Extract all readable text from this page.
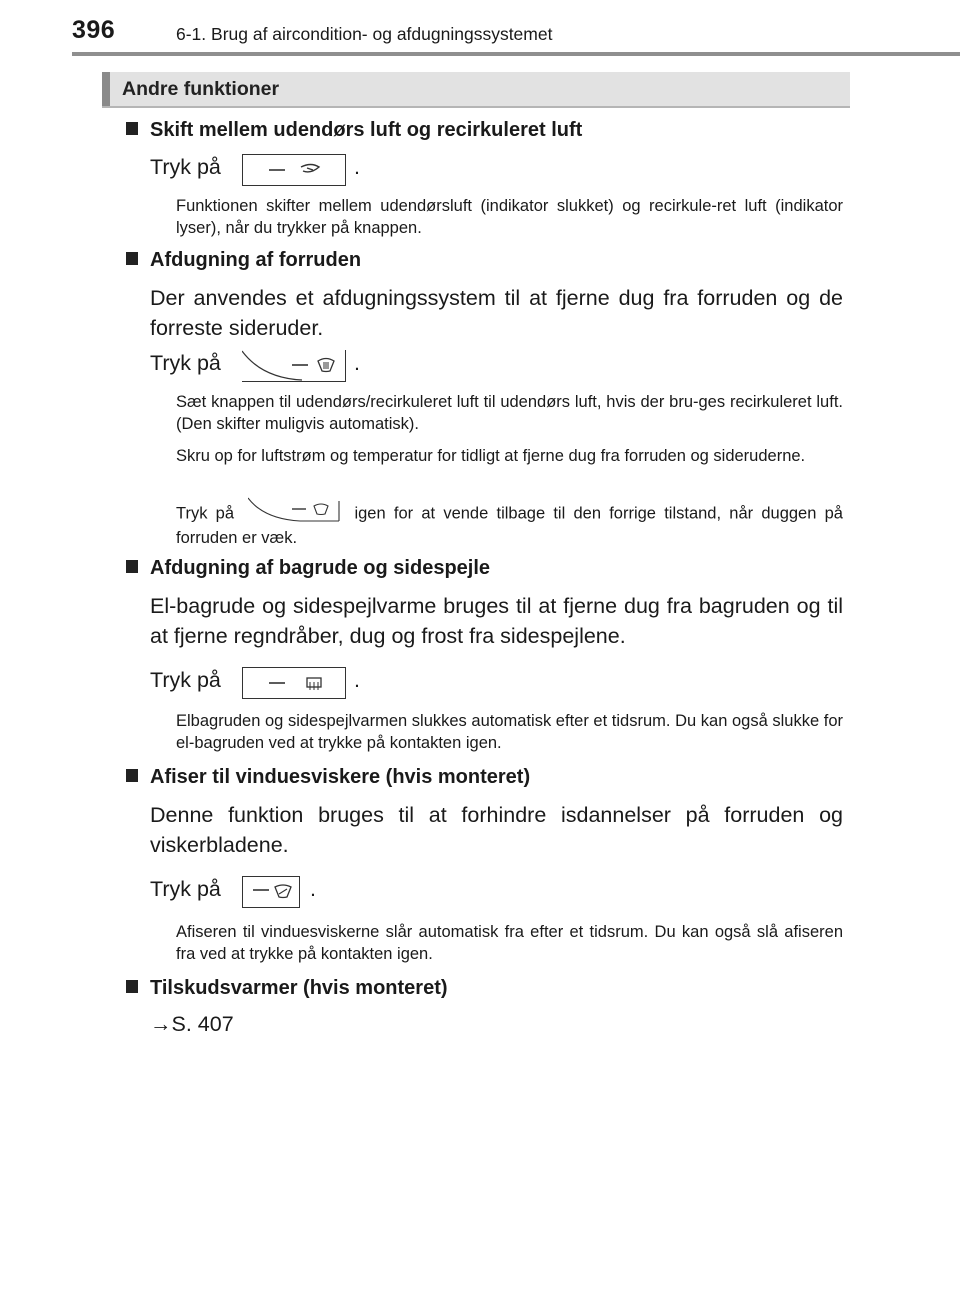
396	6-1. Brug af aircondition- og afdugningssystemet
Andre funktioner
Skift mellem udendørs luft og recirkuleret luft
Tryk på	.
Funktionen skifter mellem udendørsluft (indikator slukket) og recirkule-ret luft (indikator lyser), når du trykker på knappen.
Afdugning af forruden
Der anvendes et afdugningssystem til at fjerne dug fra forruden og de forreste sideruder.
Tryk på	.
Sæt knappen til udendørs/recirkuleret luft til udendørs luft, hvis der bru-ges recirkuleret luft. (Den skifter muligvis automatisk).
Skru op for luftstrøm og temperatur for tidligt at fjerne dug fra forruden og sideruderne.
Tryk på	igen for at vende tilbage til den forrige tilstand, når duggen på forruden er væk.
Afdugning af bagrude og sidespejle
El-bagrude og sidespejlvarme bruges til at fjerne dug fra bagruden og til at fjerne regndråber, dug og frost fra sidespejlene.
Tryk på	.
Elbagruden og sidespejlvarmen slukkes automatisk efter et tidsrum. Du kan også slukke for el-bagruden ved at trykke på kontakten igen.
Afiser til vinduesviskere (hvis monteret)
Denne funktion bruges til at forhindre isdannelser på forruden og viskerbladene.
Tryk på	.
Afiseren til vinduesviskerne slår automatisk fra efter et tidsrum. Du kan også slå afiseren fra ved at trykke på kontakten igen.
Tilskudsvarmer (hvis monteret)
→S. 407
